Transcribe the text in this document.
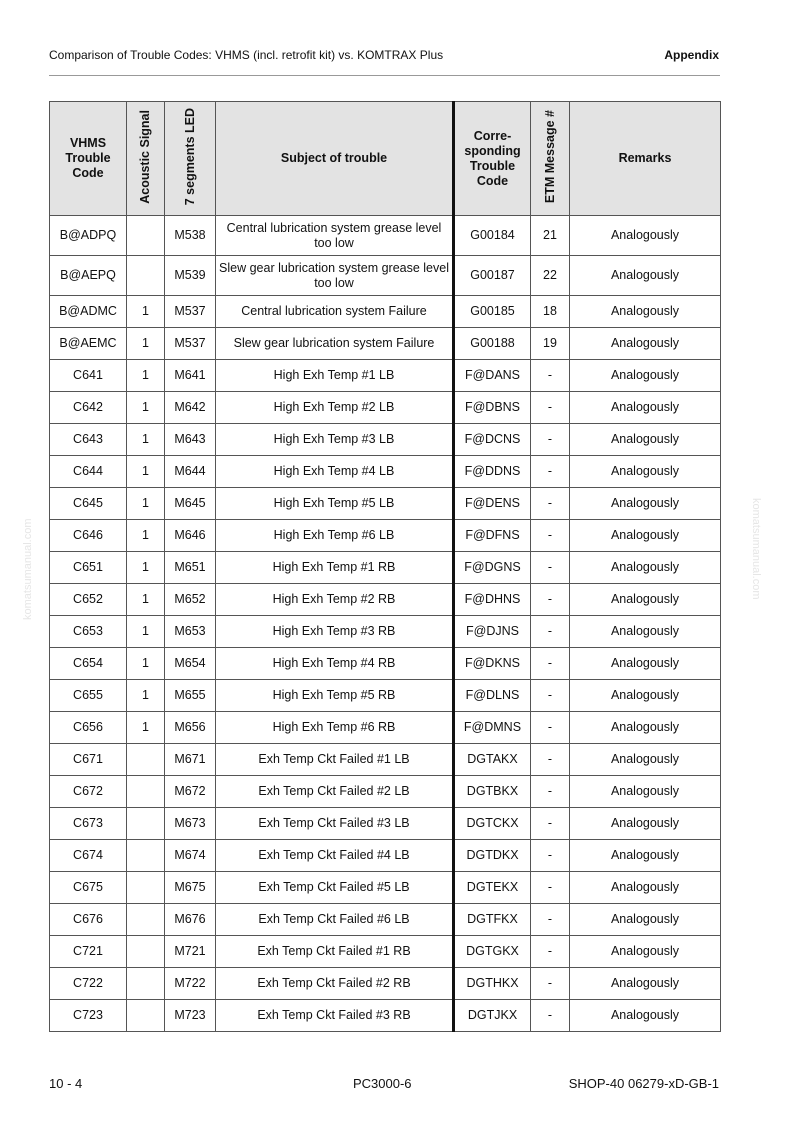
Comparison of Trouble Codes: VHMS (incl. retrofit kit) vs. KOMTRAX Plus	Appendix
komatsumanual.com	komatsumanual.com
VHMS
Trouble
Code	Acoustic Signal	7 segments LED	Subject of trouble	Corre-
sponding
Trouble
Code	ETM Message #	Remarks
B@ADPQ		M538	Central lubrication system grease level too low	G00184	21	Analogously
B@AEPQ		M539	Slew gear lubrication system grease level too low	G00187	22	Analogously
B@ADMC	1	M537	Central lubrication system Failure	G00185	18	Analogously
B@AEMC	1	M537	Slew gear lubrication system Failure	G00188	19	Analogously
C641	1	M641	High Exh Temp #1 LB	F@DANS	-	Analogously
C642	1	M642	High Exh Temp #2 LB	F@DBNS	-	Analogously
C643	1	M643	High Exh Temp #3 LB	F@DCNS	-	Analogously
C644	1	M644	High Exh Temp #4 LB	F@DDNS	-	Analogously
C645	1	M645	High Exh Temp #5 LB	F@DENS	-	Analogously
C646	1	M646	High Exh Temp #6 LB	F@DFNS	-	Analogously
C651	1	M651	High Exh Temp #1 RB	F@DGNS	-	Analogously
C652	1	M652	High Exh Temp #2 RB	F@DHNS	-	Analogously
C653	1	M653	High Exh Temp #3 RB	F@DJNS	-	Analogously
C654	1	M654	High Exh Temp #4 RB	F@DKNS	-	Analogously
C655	1	M655	High Exh Temp #5 RB	F@DLNS	-	Analogously
C656	1	M656	High Exh Temp #6 RB	F@DMNS	-	Analogously
C671		M671	Exh Temp Ckt Failed #1 LB	DGTAKX	-	Analogously
C672		M672	Exh Temp Ckt Failed #2 LB	DGTBKX	-	Analogously
C673		M673	Exh Temp Ckt Failed #3 LB	DGTCKX	-	Analogously
C674		M674	Exh Temp Ckt Failed #4 LB	DGTDKX	-	Analogously
C675		M675	Exh Temp Ckt Failed #5 LB	DGTEKX	-	Analogously
C676		M676	Exh Temp Ckt Failed #6 LB	DGTFKX	-	Analogously
C721		M721	Exh Temp Ckt Failed #1 RB	DGTGKX	-	Analogously
C722		M722	Exh Temp Ckt Failed #2 RB	DGTHKX	-	Analogously
C723		M723	Exh Temp Ckt Failed #3 RB	DGTJKX	-	Analogously
10 - 4	PC3000-6	SHOP-40 06279-xD-GB-1
